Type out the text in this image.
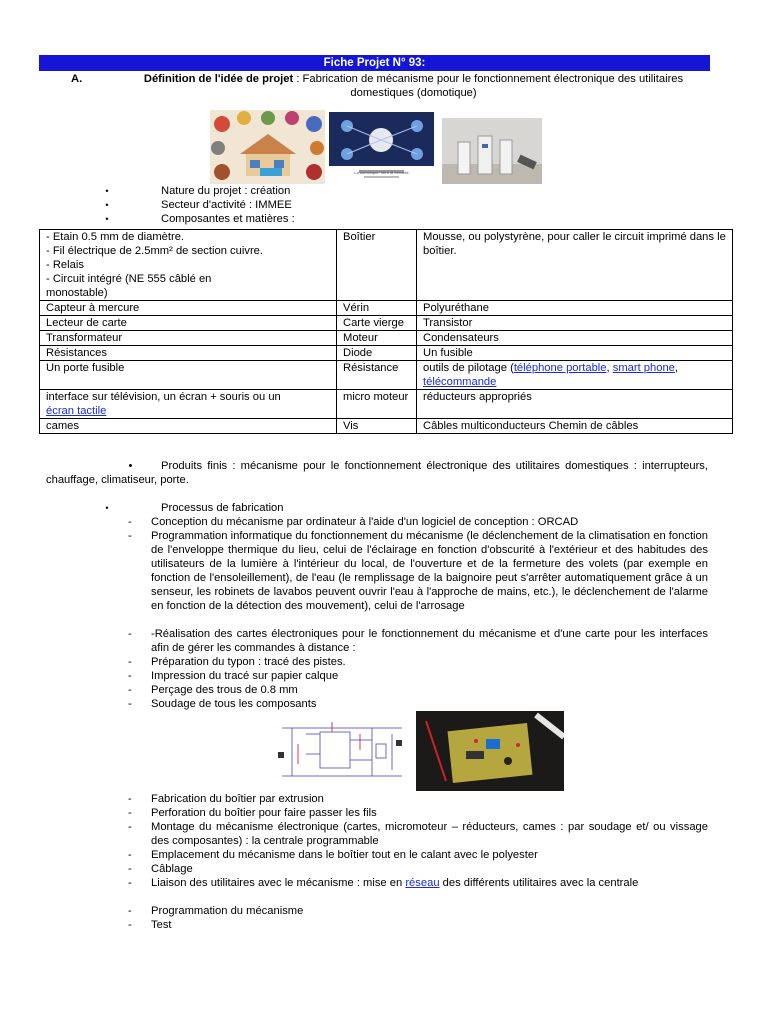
Fiche Projet N° 93:
A.	Définition de l'idée de projet : Fabrication de mécanisme pour le fonctionnement électronique des utilitaires domestiques (domotique)
•	Nature du projet : création
•	Secteur d'activité : IMMEE
•	Composantes et matières :
- Etain 0.5 mm de diamètre.
- Fil électrique de 2.5mm² de section cuivre.
- Relais
- Circuit intégré (NE 555 câblé en
monostable)	Boîtier	Mousse, ou polystyrène, pour caller le circuit imprimé dans le boîtier.
Capteur à mercure	Vérin	Polyuréthane
Lecteur de carte	Carte vierge	Transistor
Transformateur	Moteur	Condensateurs
Résistances	Diode	Un fusible
Un porte fusible	Résistance	outils de pilotage (téléphone portable, smart phone, télécommande

interface sur télévision, un écran + souris ou un
écran tactile	micro moteur	réducteurs appropriés
cames	Vis	Câbles multiconducteurs Chemin de câbles
•	Produits finis : mécanisme pour le fonctionnement électronique des utilitaires domestiques : interrupteurs, chauffage, climatiseur, porte.
•	Processus de fabrication
- Conception du mécanisme par ordinateur à l'aide d'un logiciel de conception : ORCAD
- Programmation informatique du fonctionnement du mécanisme (le déclenchement de la climatisation en fonction de l'enveloppe thermique du lieu, celui de l'éclairage en fonction d'obscurité à l'extérieur et des habitudes des utilisateurs de la lumière à l'intérieur du local, de l'ouverture et de la fermeture des volets (par exemple en fonction de l'ensoleillement), de l'eau (le remplissage de la baignoire peut s'arrêter automatiquement grâce à un senseur, les robinets de lavabos peuvent ouvrir l'eau à l'approche de mains, etc.), le déclenchement de l'alarme en fonction de la détection des mouvement), celui de l'arrosage
- -Réalisation des cartes électroniques pour le fonctionnement du mécanisme et d'une carte pour les interfaces afin de gérer les commandes à distance :
- Préparation du typon : tracé des pistes.
- Impression du tracé sur papier calque
- Perçage des trous de 0.8 mm
- Soudage de tous les composants
- Fabrication du boîtier par extrusion
- Perforation du boîtier pour faire passer les fils
- Montage du mécanisme électronique (cartes, micromoteur – réducteurs, cames : par soudage et/ ou vissage des composantes) : la centrale programmable
- Emplacement du mécanisme dans le boîtier tout en le calant avec le polyester
- Câblage
- Liaison des utilitaires avec le mécanisme : mise en réseau des différents utilitaires avec la centrale
- Programmation du mécanisme
- Test
La domotique: Vers la Sécurité
